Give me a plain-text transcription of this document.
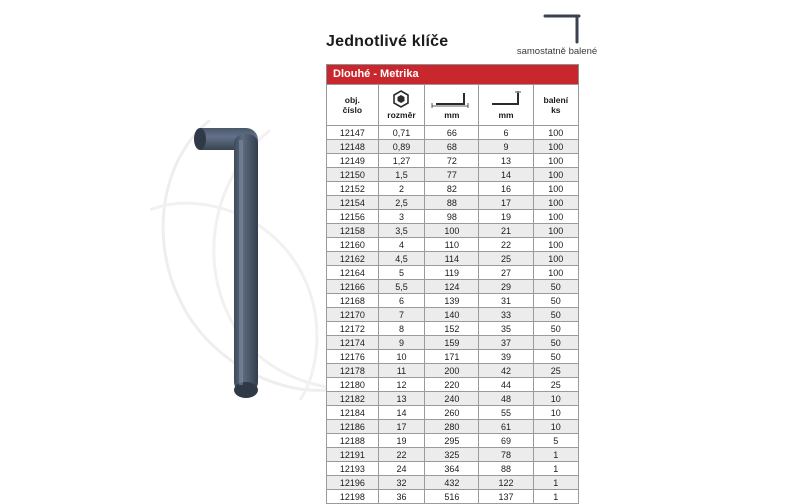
Jednotlivé klíče
samostatně balené
Dlouhé - Metrika
obj.
číslo	rozměr	mm	mm	balení
ks

12147	0,71	66	6	100
12148	0,89	68	9	100
12149	1,27	72	13	100
12150	1,5	77	14	100
12152	2	82	16	100
12154	2,5	88	17	100
12156	3	98	19	100
12158	3,5	100	21	100
12160	4	110	22	100
12162	4,5	114	25	100
12164	5	119	27	100
12166	5,5	124	29	50
12168	6	139	31	50
12170	7	140	33	50
12172	8	152	35	50
12174	9	159	37	50
12176	10	171	39	50
12178	11	200	42	25
12180	12	220	44	25
12182	13	240	48	10
12184	14	260	55	10
12186	17	280	61	10
12188	19	295	69	5
12191	22	325	78	1
12193	24	364	88	1
12196	32	432	122	1
12198	36	516	137	1
